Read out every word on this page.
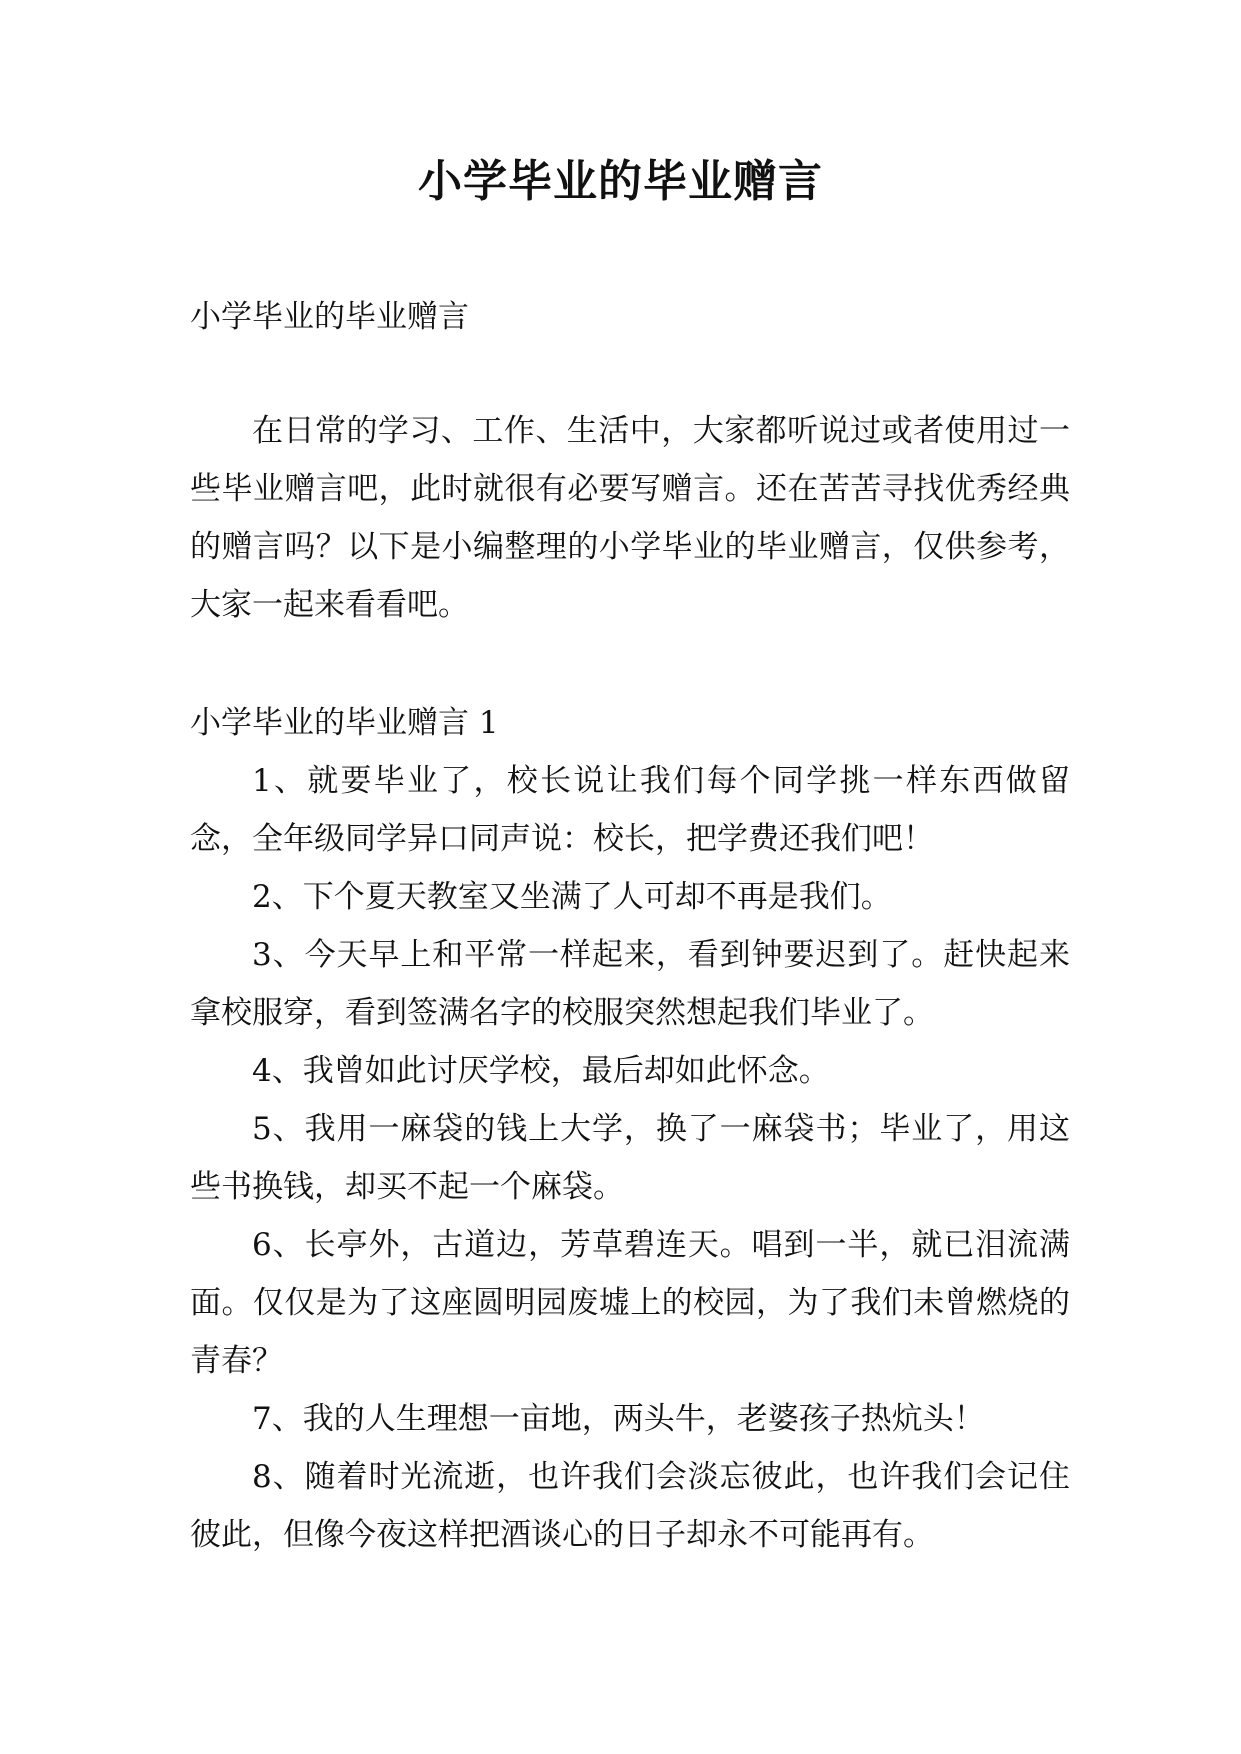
小学毕业的毕业赠言

小学毕业的毕业赠言

在日常的学习、工作、生活中，大家都听说过或者使用过一些毕业赠言吧，此时就很有必要写赠言。还在苦苦寻找优秀经典的赠言吗？以下是小编整理的小学毕业的毕业赠言，仅供参考，大家一起来看看吧。

小学毕业的毕业赠言 1

1、就要毕业了，校长说让我们每个同学挑一样东西做留念，全年级同学异口同声说：校长，把学费还我们吧！
2、下个夏天教室又坐满了人可却不再是我们。
3、今天早上和平常一样起来，看到钟要迟到了。赶快起来拿校服穿，看到签满名字的校服突然想起我们毕业了。
4、我曾如此讨厌学校，最后却如此怀念。
5、我用一麻袋的钱上大学，换了一麻袋书；毕业了，用这些书换钱，却买不起一个麻袋。
6、长亭外，古道边，芳草碧连天。唱到一半，就已泪流满面。仅仅是为了这座圆明园废墟上的校园，为了我们未曾燃烧的青春？
7、我的人生理想一亩地，两头牛，老婆孩子热炕头！
8、随着时光流逝，也许我们会淡忘彼此，也许我们会记住彼此，但像今夜这样把酒谈心的日子却永不可能再有。
